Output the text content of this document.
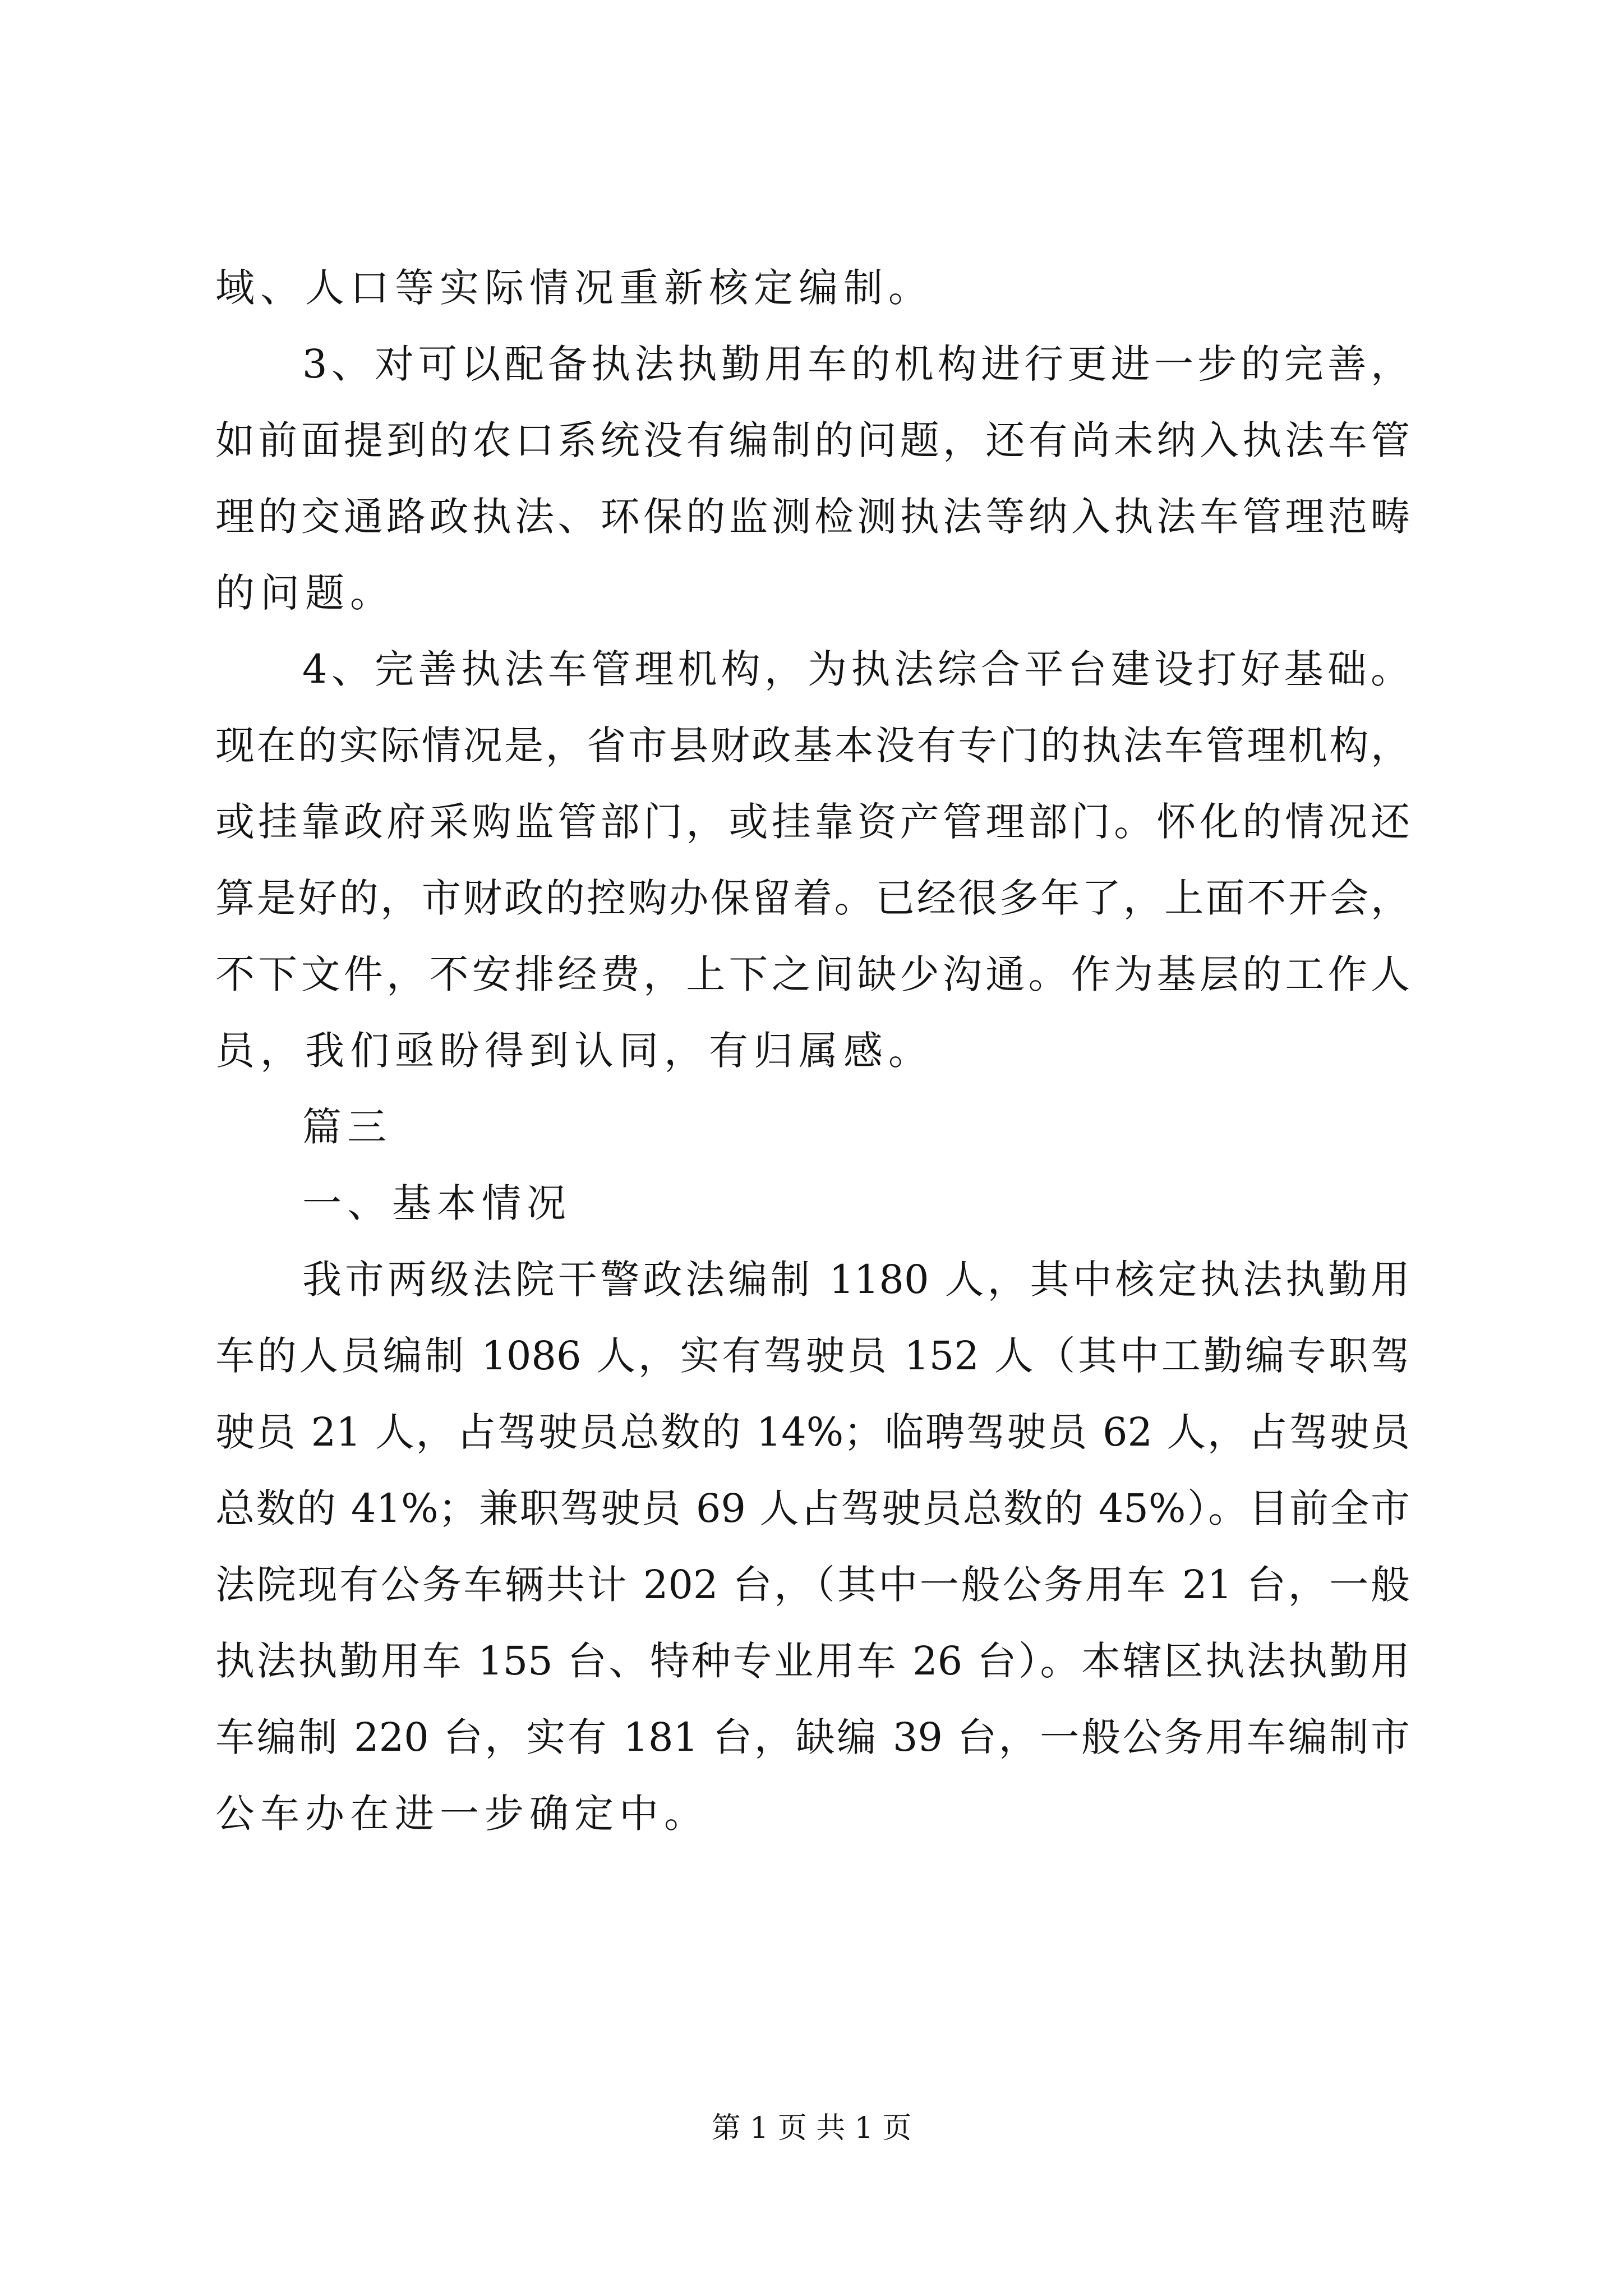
域、人口等实际情况重新核定编制。
3、对可以配备执法执勤用车的机构进行更进一步的完善，
如前面提到的农口系统没有编制的问题，还有尚未纳入执法车管
理的交通路政执法、环保的监测检测执法等纳入执法车管理范畴
的问题。
4、完善执法车管理机构，为执法综合平台建设打好基础。
现在的实际情况是，省市县财政基本没有专门的执法车管理机构，
或挂靠政府采购监管部门，或挂靠资产管理部门。怀化的情况还
算是好的，市财政的控购办保留着。已经很多年了，上面不开会，
不下文件，不安排经费，上下之间缺少沟通。作为基层的工作人
员，我们亟盼得到认同，有归属感。
篇三
一、基本情况
我市两级法院干警政法编制 1180 人，其中核定执法执勤用
车的人员编制 1086 人，实有驾驶员 152 人（其中工勤编专职驾
驶员 21 人，占驾驶员总数的 14%；临聘驾驶员 62 人，占驾驶员
总数的 41%；兼职驾驶员 69 人占驾驶员总数的 45%）。目前全市
法院现有公务车辆共计 202 台，（其中一般公务用车 21 台，一般
执法执勤用车 155 台、特种专业用车 26 台）。本辖区执法执勤用
车编制 220 台，实有 181 台，缺编 39 台，一般公务用车编制市
公车办在进一步确定中。
第 1 页 共 1 页
